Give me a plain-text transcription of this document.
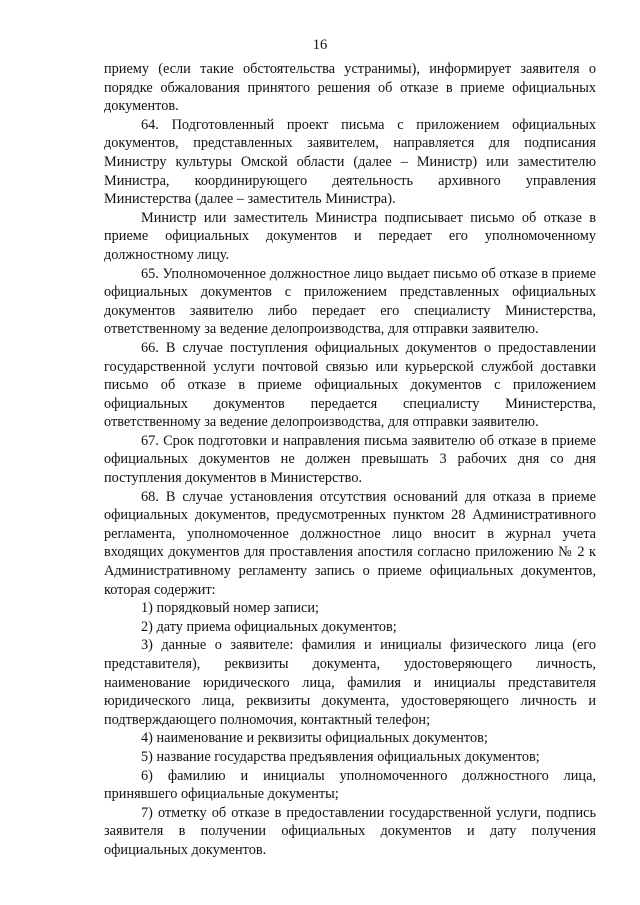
16

приему (если такие обстоятельства устранимы), информирует заявителя о порядке обжалования принятого решения об отказе в приеме официальных документов.

64. Подготовленный проект письма с приложением официальных документов, представленных заявителем, направляется для подписания Министру культуры Омской области (далее – Министр) или заместителю Министра, координирующего деятельность архивного управления Министерства (далее – заместитель Министра).

Министр или заместитель Министра подписывает письмо об отказе в приеме официальных документов и передает его уполномоченному должностному лицу.

65. Уполномоченное должностное лицо выдает письмо об отказе в приеме официальных документов с приложением представленных официальных документов заявителю либо передает его специалисту Министерства, ответственному за ведение делопроизводства, для отправки заявителю.

66. В случае поступления официальных документов о предоставлении государственной услуги почтовой связью или курьерской службой доставки письмо об отказе в приеме официальных документов с приложением официальных документов передается специалисту Министерства, ответственному за ведение делопроизводства, для отправки заявителю.

67. Срок подготовки и направления письма заявителю об отказе в приеме официальных документов не должен превышать 3 рабочих дня со дня поступления документов в Министерство.

68. В случае установления отсутствия оснований для отказа в приеме официальных документов, предусмотренных пунктом 28 Административного регламента, уполномоченное должностное лицо вносит в журнал учета входящих документов для проставления апостиля согласно приложению № 2 к Административному регламенту запись о приеме официальных документов, которая содержит:

1) порядковый номер записи;

2) дату приема официальных документов;

3) данные о заявителе: фамилия и инициалы физического лица (его представителя), реквизиты документа, удостоверяющего личность, наименование юридического лица, фамилия и инициалы представителя юридического лица, реквизиты документа, удостоверяющего личность и подтверждающего полномочия, контактный телефон;

4) наименование и реквизиты официальных документов;

5) название государства предъявления официальных документов;

6) фамилию и инициалы уполномоченного должностного лица, принявшего официальные документы;

7) отметку об отказе в предоставлении государственной услуги, подпись заявителя в получении официальных документов и дату получения официальных документов.
